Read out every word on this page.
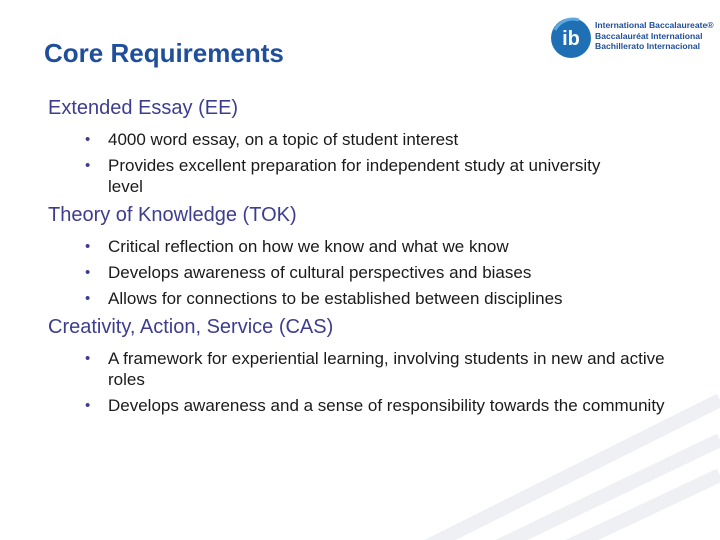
Core Requirements	ib
International Baccalaureate®
Baccalauréat International
Bachillerato Internacional
Extended Essay (EE)
• 4000 word essay, on a topic of student interest
• Provides excellent preparation for independent study at university level
Theory of Knowledge (TOK)
• Critical reflection on how we know and what we know
• Develops awareness of cultural perspectives and biases
• Allows for connections to be established between disciplines
Creativity, Action, Service (CAS)
• A framework for experiential learning, involving students in new and active roles
• Develops awareness and a sense of responsibility towards the community
